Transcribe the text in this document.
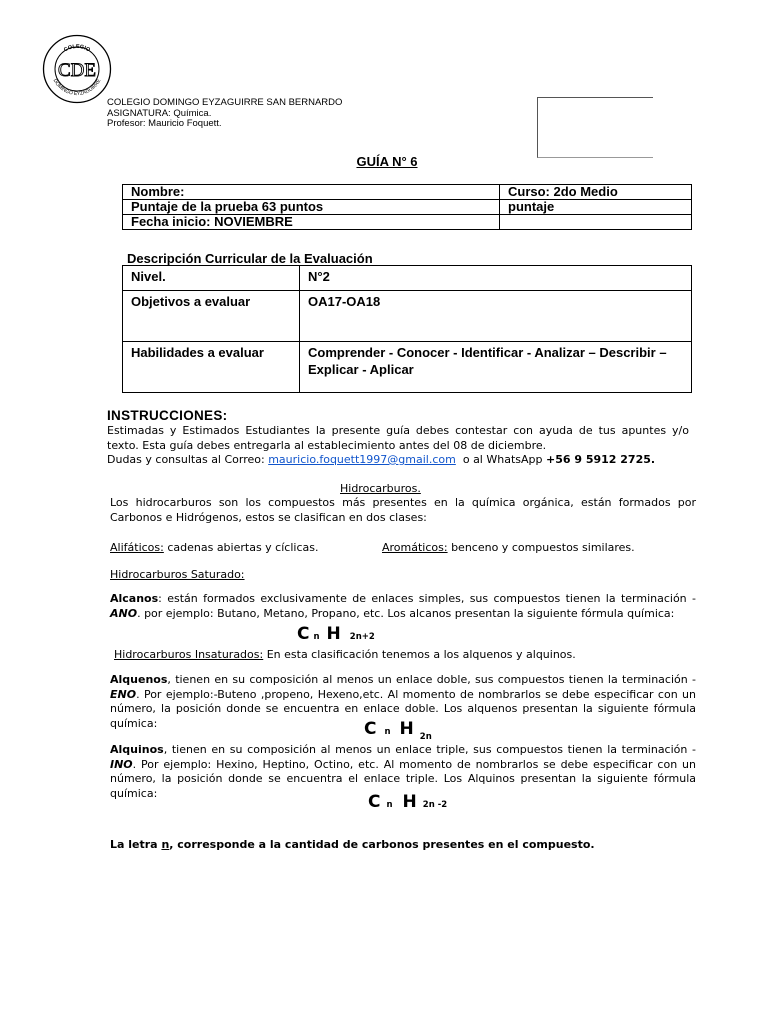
COLEGIO
DOMINGO EYZAGUIRRE
CDE
COLEGIO DOMINGO EYZAGUIRRE SAN BERNARDO
ASIGNATURA: Química.
Profesor: Mauricio Foquett.
GUÍA N° 6
Nombre:	Curso: 2do Medio
Puntaje de la prueba 63 puntos	puntaje
Fecha inicio: NOVIEMBRE	
Descripción Curricular de la Evaluación
Nivel.	N°2
Objetivos a evaluar	OA17-OA18
Habilidades a evaluar	Comprender - Conocer - Identificar - Analizar – Describir – Explicar - Aplicar
INSTRUCCIONES:
Estimadas y Estimados Estudiantes la presente guía debes contestar con ayuda de tus apuntes y/o texto. Esta guía debes entregarla al establecimiento antes del 08 de diciembre.
Dudas y consultas al Correo: mauricio.foquett1997@gmail.com  o al WhatsApp +56 9 5912 2725.
Hidrocarburos.
Los hidrocarburos son los compuestos más presentes en la química orgánica, están formados por Carbonos e Hidrógenos, estos se clasifican en dos clases:
Alifáticos: cadenas abiertas y cíclicas.	Aromáticos: benceno y compuestos similares.
Hidrocarburos Saturado:
Alcanos: están formados exclusivamente de enlaces simples, sus compuestos tienen la terminación -ANO. por ejemplo: Butano, Metano, Propano, etc. Los alcanos presentan la siguiente fórmula química:
Cn H 2n+2
Hidrocarburos Insaturados: En esta clasificación tenemos a los alquenos y alquinos.
Alquenos, tienen en su composición al menos un enlace doble, sus compuestos tienen la terminación -ENO. Por ejemplo:-Buteno ,propeno, Hexeno,etc. Al momento de nombrarlos se debe especificar con un número, la posición donde se encuentra en enlace doble. Los alquenos presentan la siguiente fórmula química:	Cn H $_{2n}$
Alquinos, tienen en su composición al menos un enlace triple, sus compuestos tienen la terminación -INO. Por ejemplo: Hexino, Heptino, Octino, etc. Al momento de nombrarlos se debe especificar con un número, la posición donde se encuentra el enlace triple. Los Alquinos presentan la siguiente fórmula química:	Cn H 2n -2
La letra n, corresponde a la cantidad de carbonos presentes en el compuesto.
